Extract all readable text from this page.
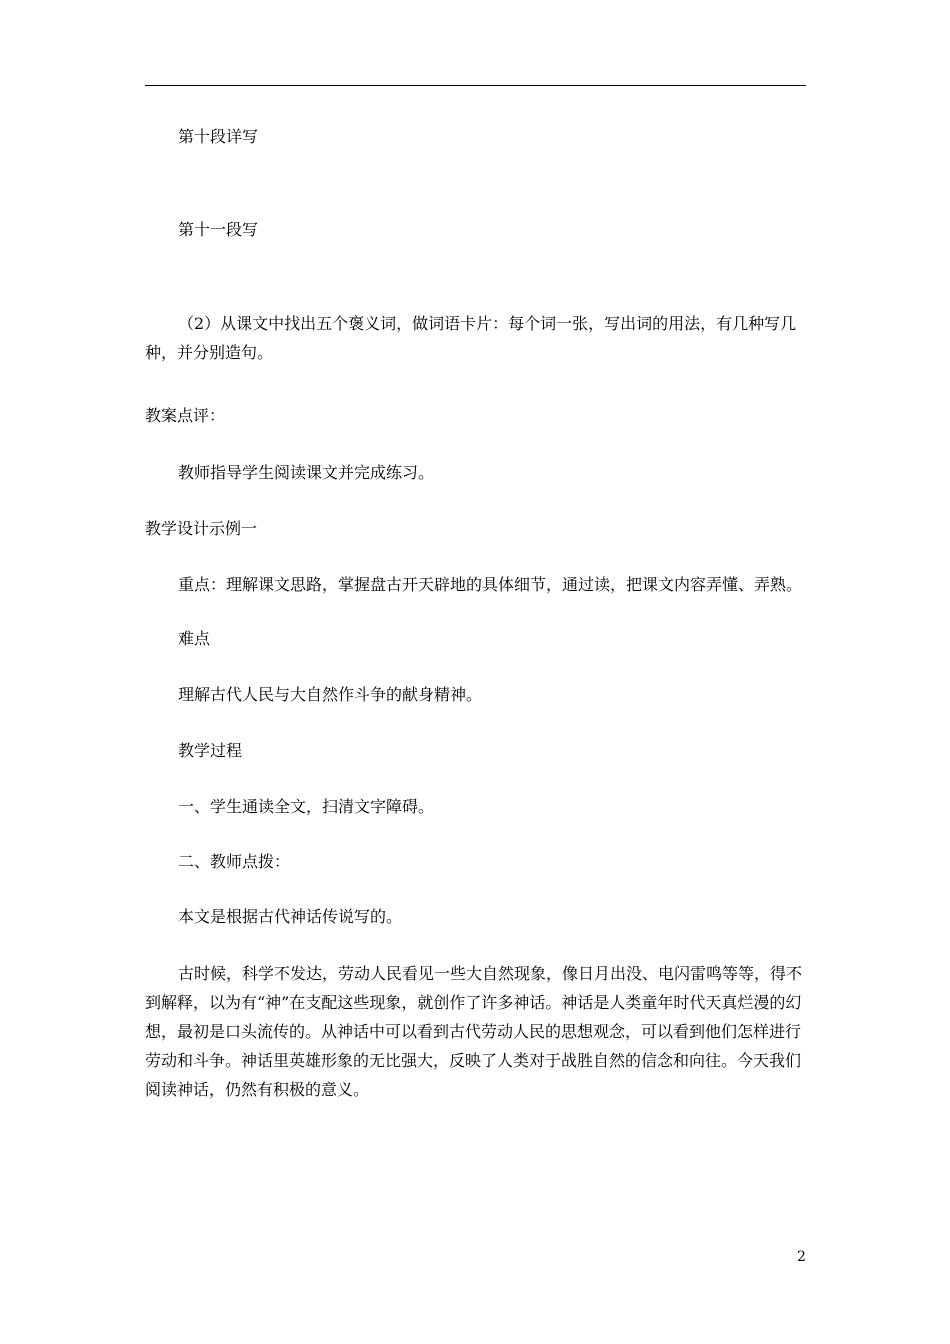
第十段详写
第十一段写
（2）从课文中找出五个褒义词，做词语卡片：每个词一张，写出词的用法，有几种写几种，并分别造句。
教案点评：
教师指导学生阅读课文并完成练习。
教学设计示例一
重点：理解课文思路，掌握盘古开天辟地的具体细节，通过读，把课文内容弄懂、弄熟。
难点
理解古代人民与大自然作斗争的献身精神。
教学过程
一、学生通读全文，扫清文字障碍。
二、教师点拨：
本文是根据古代神话传说写的。
古时候，科学不发达，劳动人民看见一些大自然现象，像日月出没、电闪雷鸣等等，得不到解释，以为有“神”在支配这些现象，就创作了许多神话。神话是人类童年时代天真烂漫的幻想，最初是口头流传的。从神话中可以看到古代劳动人民的思想观念，可以看到他们怎样进行劳动和斗争。神话里英雄形象的无比强大，反映了人类对于战胜自然的信念和向往。今天我们阅读神话，仍然有积极的意义。
2
